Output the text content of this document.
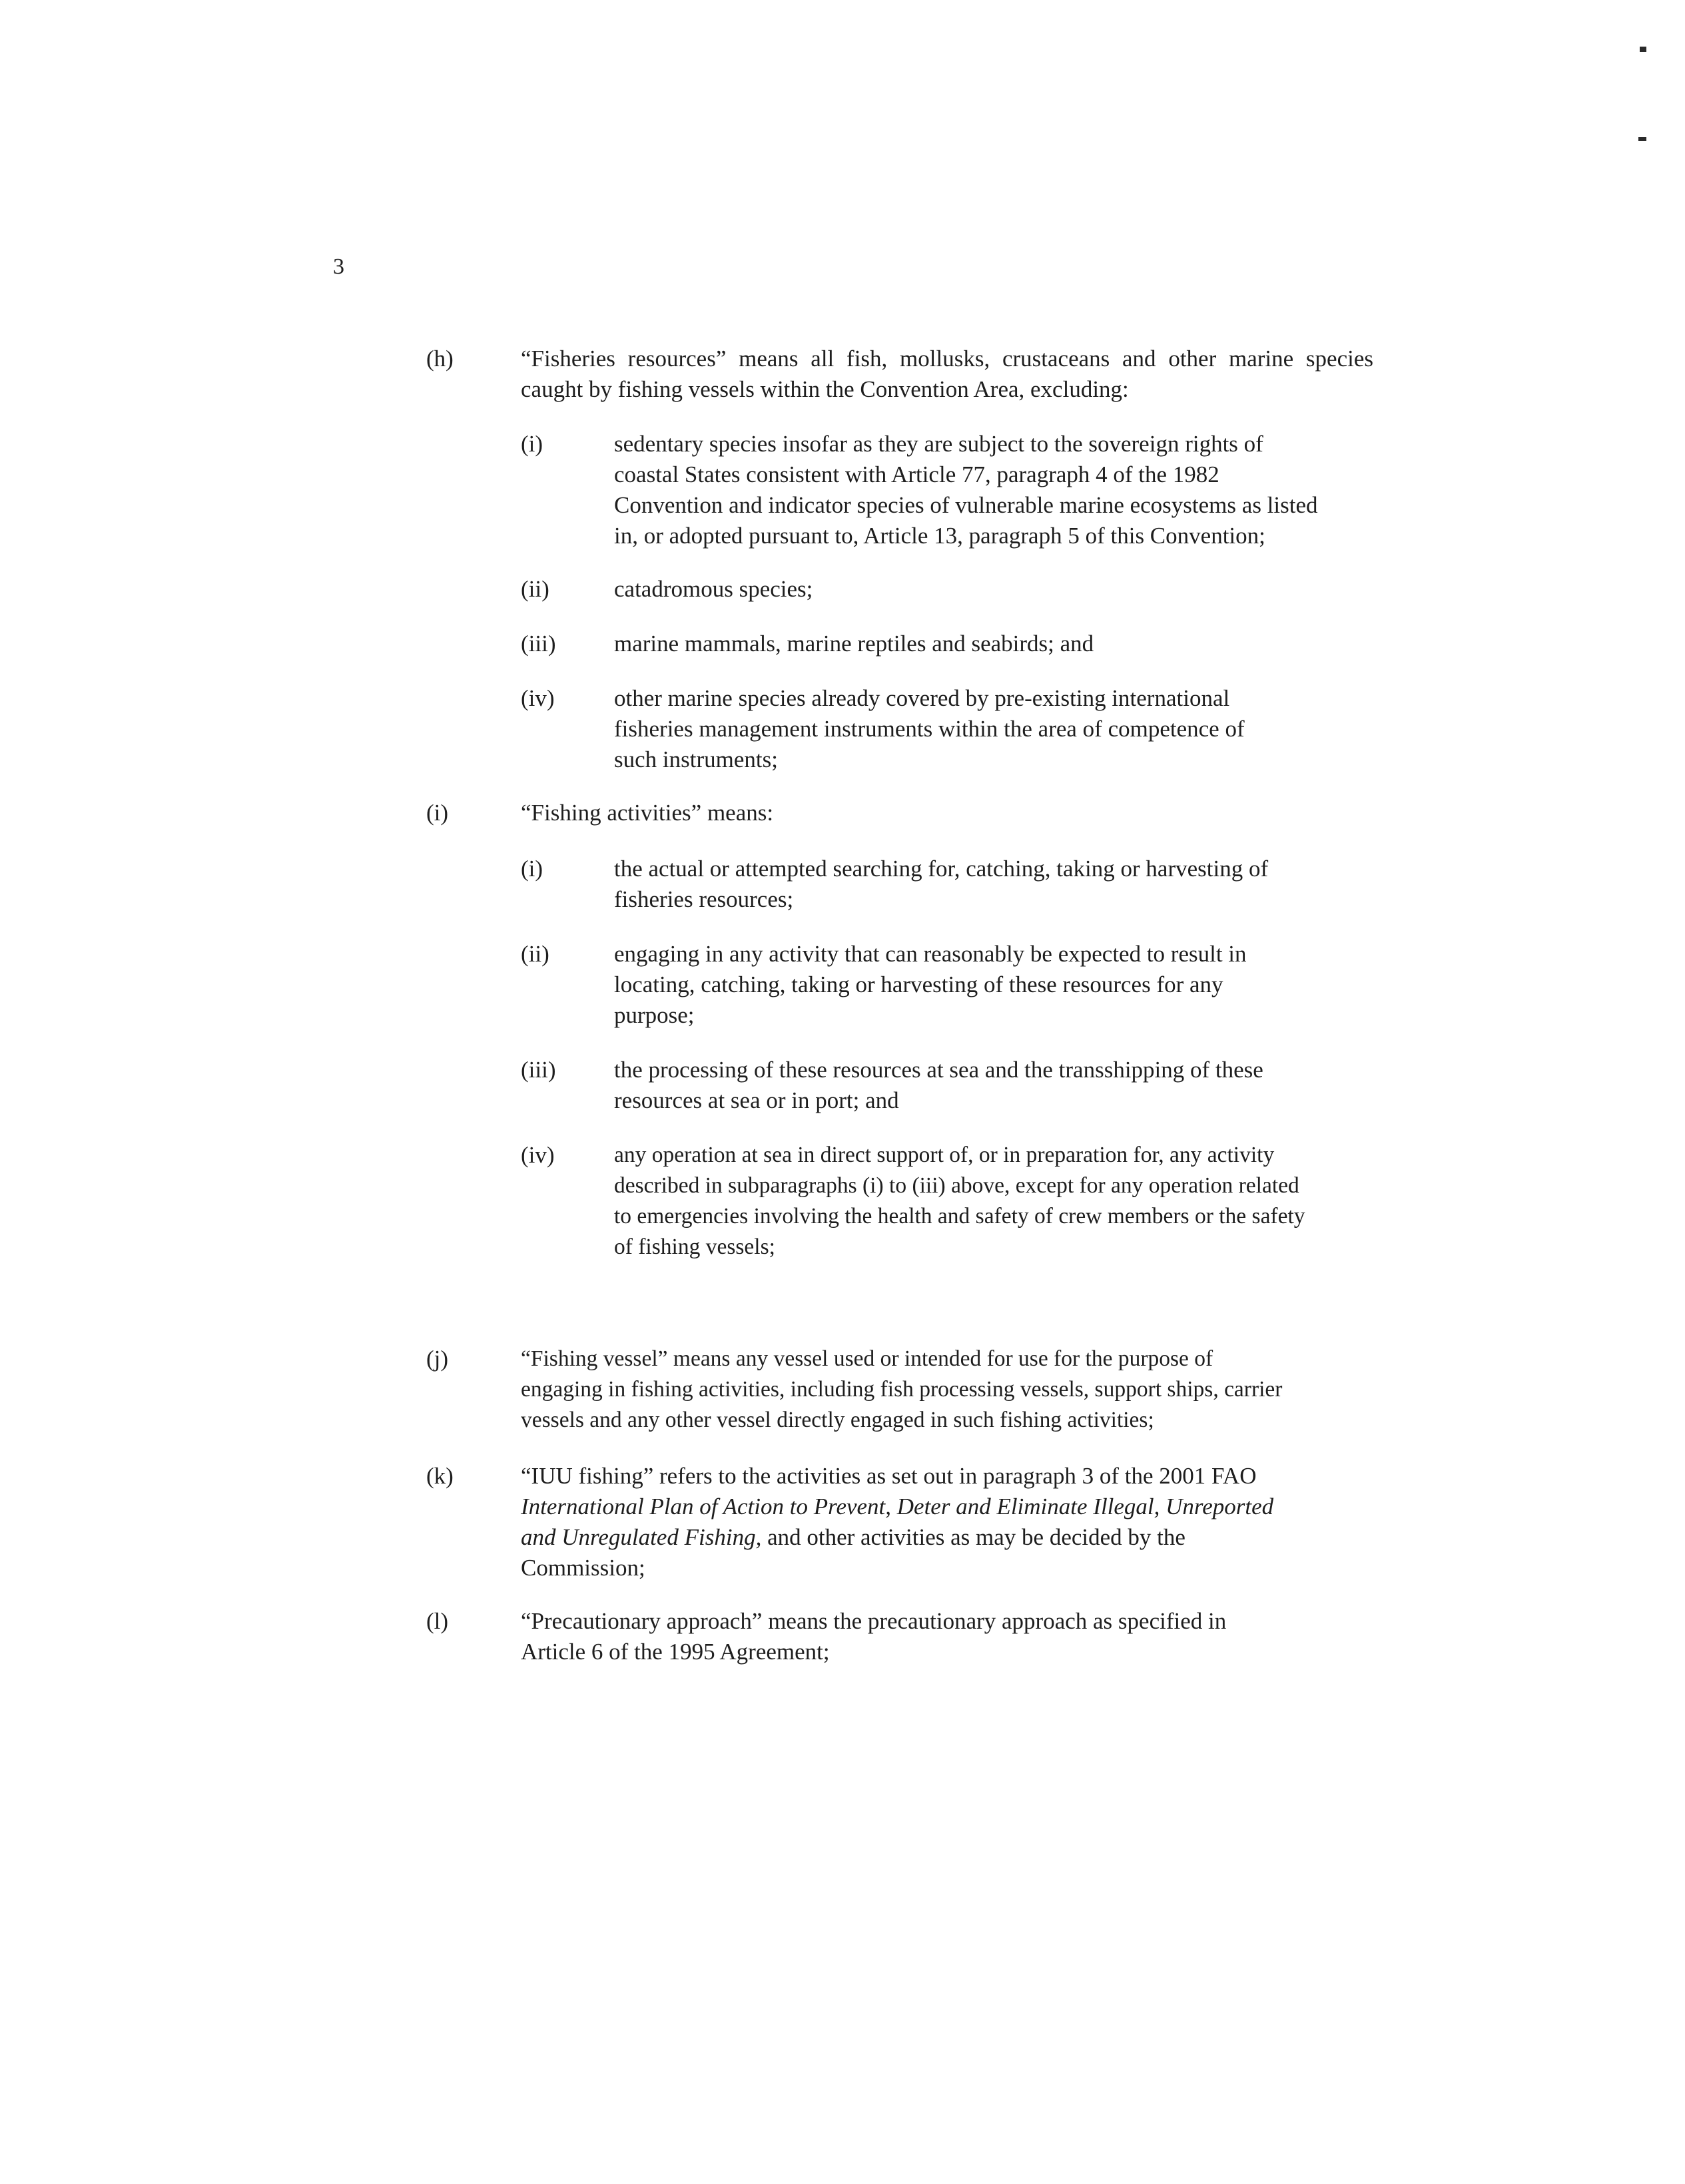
3
(h)	“Fisheries resources” means all fish, mollusks, crustaceans and other marine species
caught by fishing vessels within the Convention Area, excluding:
(i)	sedentary species insofar as they are subject to the sovereign rights of
coastal States consistent with Article 77, paragraph 4 of the 1982
Convention and indicator species of vulnerable marine ecosystems as listed
in, or adopted pursuant to, Article 13, paragraph 5 of this Convention;
(ii)	catadromous species;
(iii)	marine mammals, marine reptiles and seabirds; and
(iv)	other marine species already covered by pre-existing international
fisheries management instruments within the area of competence of
such instruments;
(i)	“Fishing activities” means:
(i)	the actual or attempted searching for, catching, taking or harvesting of
fisheries resources;
(ii)	engaging in any activity that can reasonably be expected to result in
locating, catching, taking or harvesting of these resources for any
purpose;
(iii)	the processing of these resources at sea and the transshipping of these
resources at sea or in port; and
(iv)	any operation at sea in direct support of, or in preparation for, any activity
described in subparagraphs (i) to (iii) above, except for any operation related
to emergencies involving the health and safety of crew members or the safety
of fishing vessels;
(j)	“Fishing vessel” means any vessel used or intended for use for the purpose of
engaging in fishing activities, including fish processing vessels, support ships, carrier
vessels and any other vessel directly engaged in such fishing activities;
(k)	“IUU fishing” refers to the activities as set out in paragraph 3 of the 2001 FAO
International Plan of Action to Prevent, Deter and Eliminate Illegal, Unreported
and Unregulated Fishing, and other activities as may be decided by the
Commission;
(l)	“Precautionary approach” means the precautionary approach as specified in
Article 6 of the 1995 Agreement;
